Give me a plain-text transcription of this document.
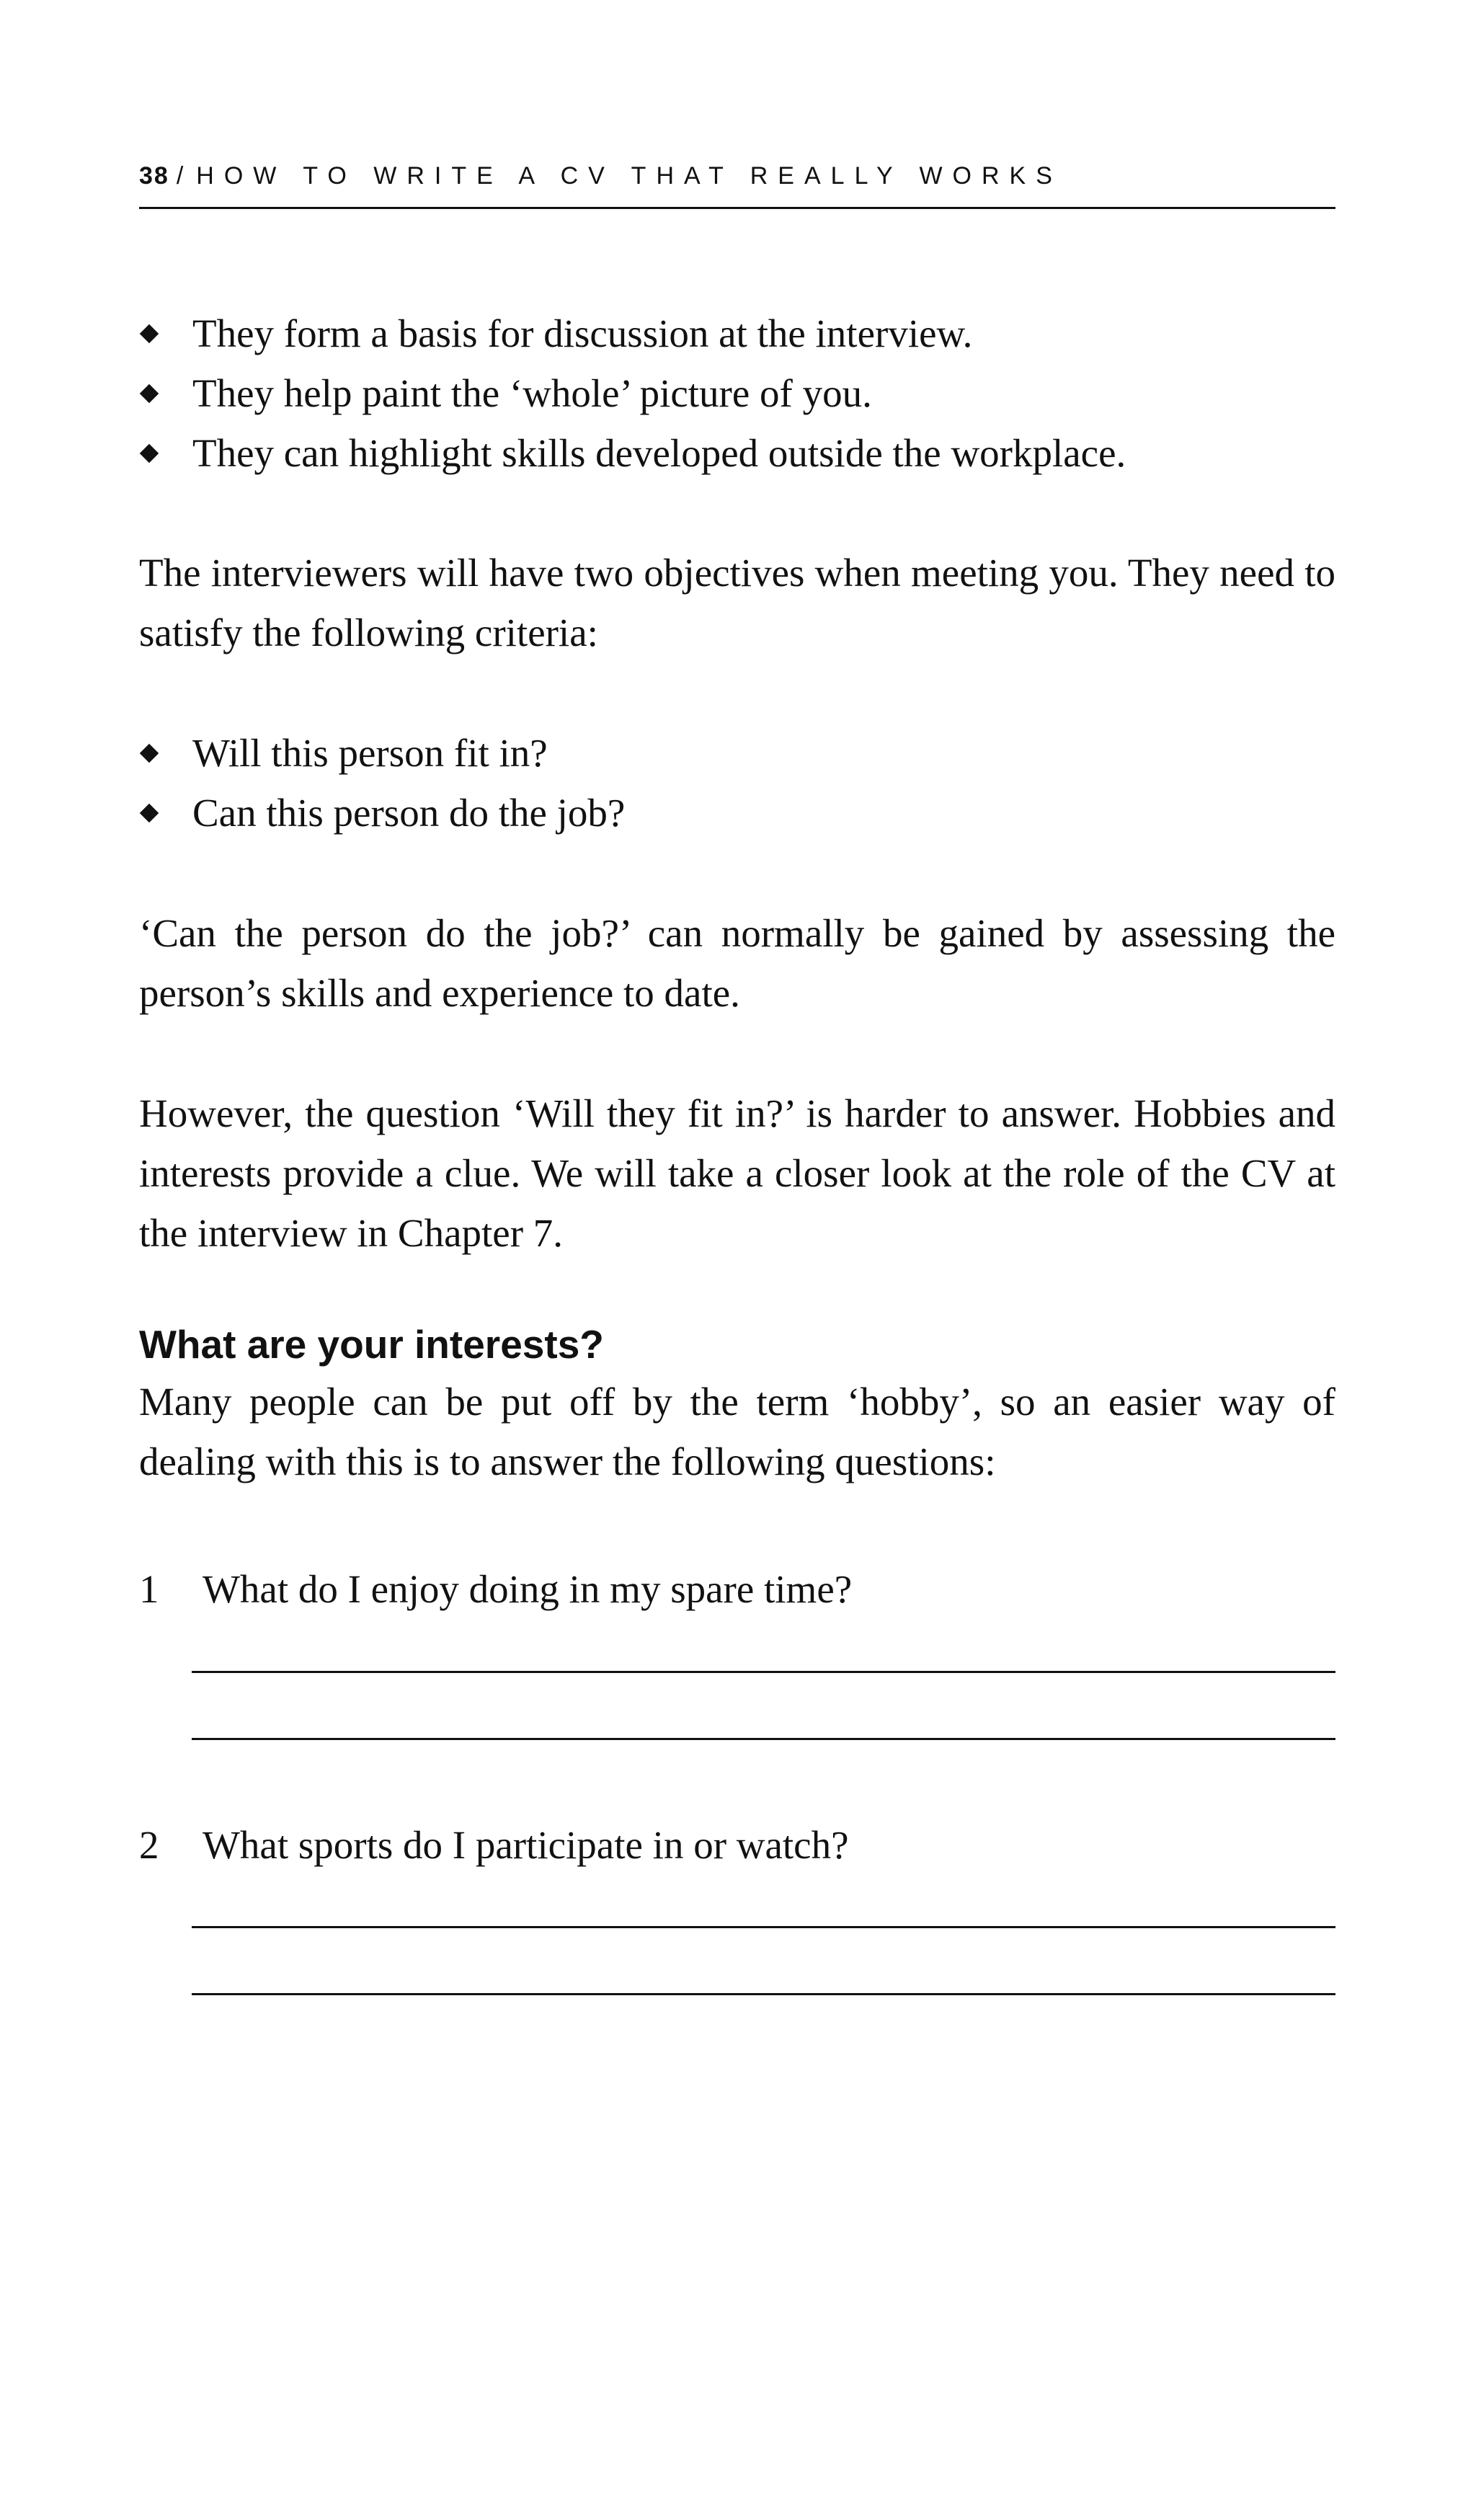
38 / HOW TO WRITE A CV THAT REALLY WORKS
They form a basis for discussion at the interview.
They help paint the ‘whole’ picture of you.
They can highlight skills developed outside the workplace.

The interviewers will have two objectives when meeting you. They need to satisfy the following criteria:

Will this person fit in?
Can this person do the job?

‘Can the person do the job?’ can normally be gained by assessing the person’s skills and experience to date.

However, the question ‘Will they fit in?’ is harder to answer. Hobbies and interests provide a clue. We will take a closer look at the role of the CV at the interview in Chapter 7.

What are your interests?

Many people can be put off by the term ‘hobby’, so an easier way of dealing with this is to answer the following questions:

1 What do I enjoy doing in my spare time?
2 What sports do I participate in or watch?
